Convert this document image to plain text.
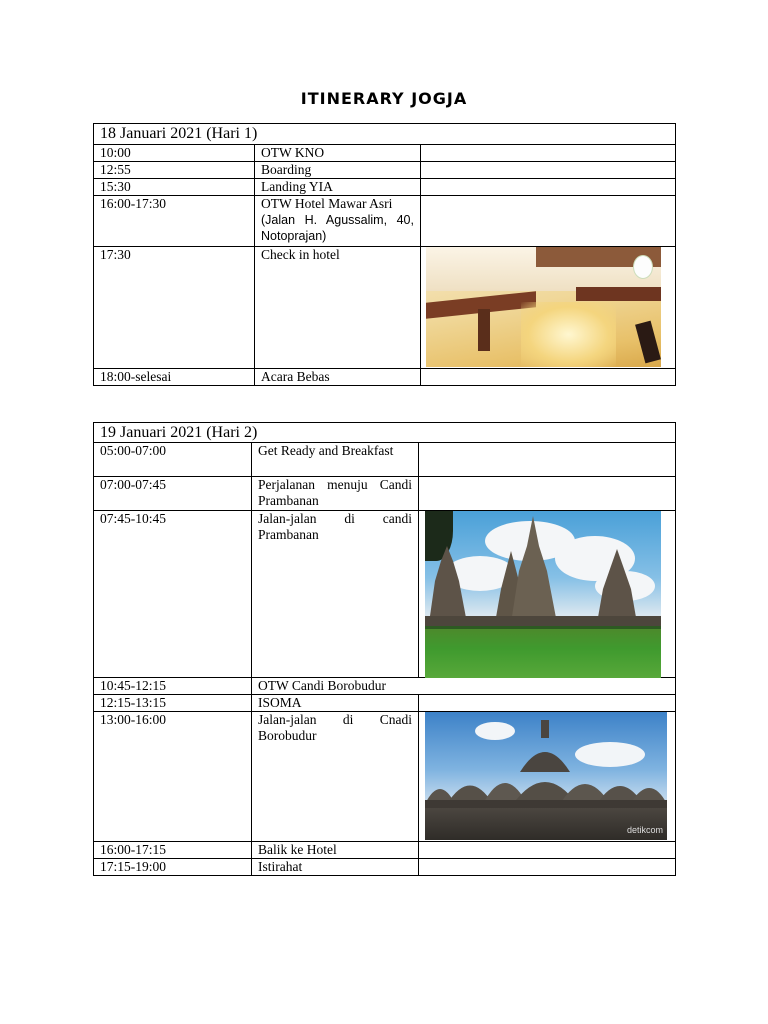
ITINERARY JOGJA
18 Januari 2021 (Hari 1)		
10:00	OTW KNO	
12:55	Boarding	
15:30	Landing YIA	
16:00-17:30	OTW Hotel Mawar Asri
(Jalan H. Agussalim, 40, Notoprajan)	

17:30	Check in hotel	

18:00-selesai	Acara Bebas	
19 Januari 2021 (Hari 2)		
05:00-07:00	Get Ready and Breakfast	
07:00-07:45	Perjalanan menuju Candi Prambanan	
07:45-10:45	Jalan-jalan di candi Prambanan	

10:45-12:15	OTW Candi Borobudur	
12:15-13:15	ISOMA	
13:00-16:00	Jalan-jalan di Cnadi Borobudur	detikcom

16:00-17:15	Balik ke Hotel	
17:15-19:00	Istirahat	
